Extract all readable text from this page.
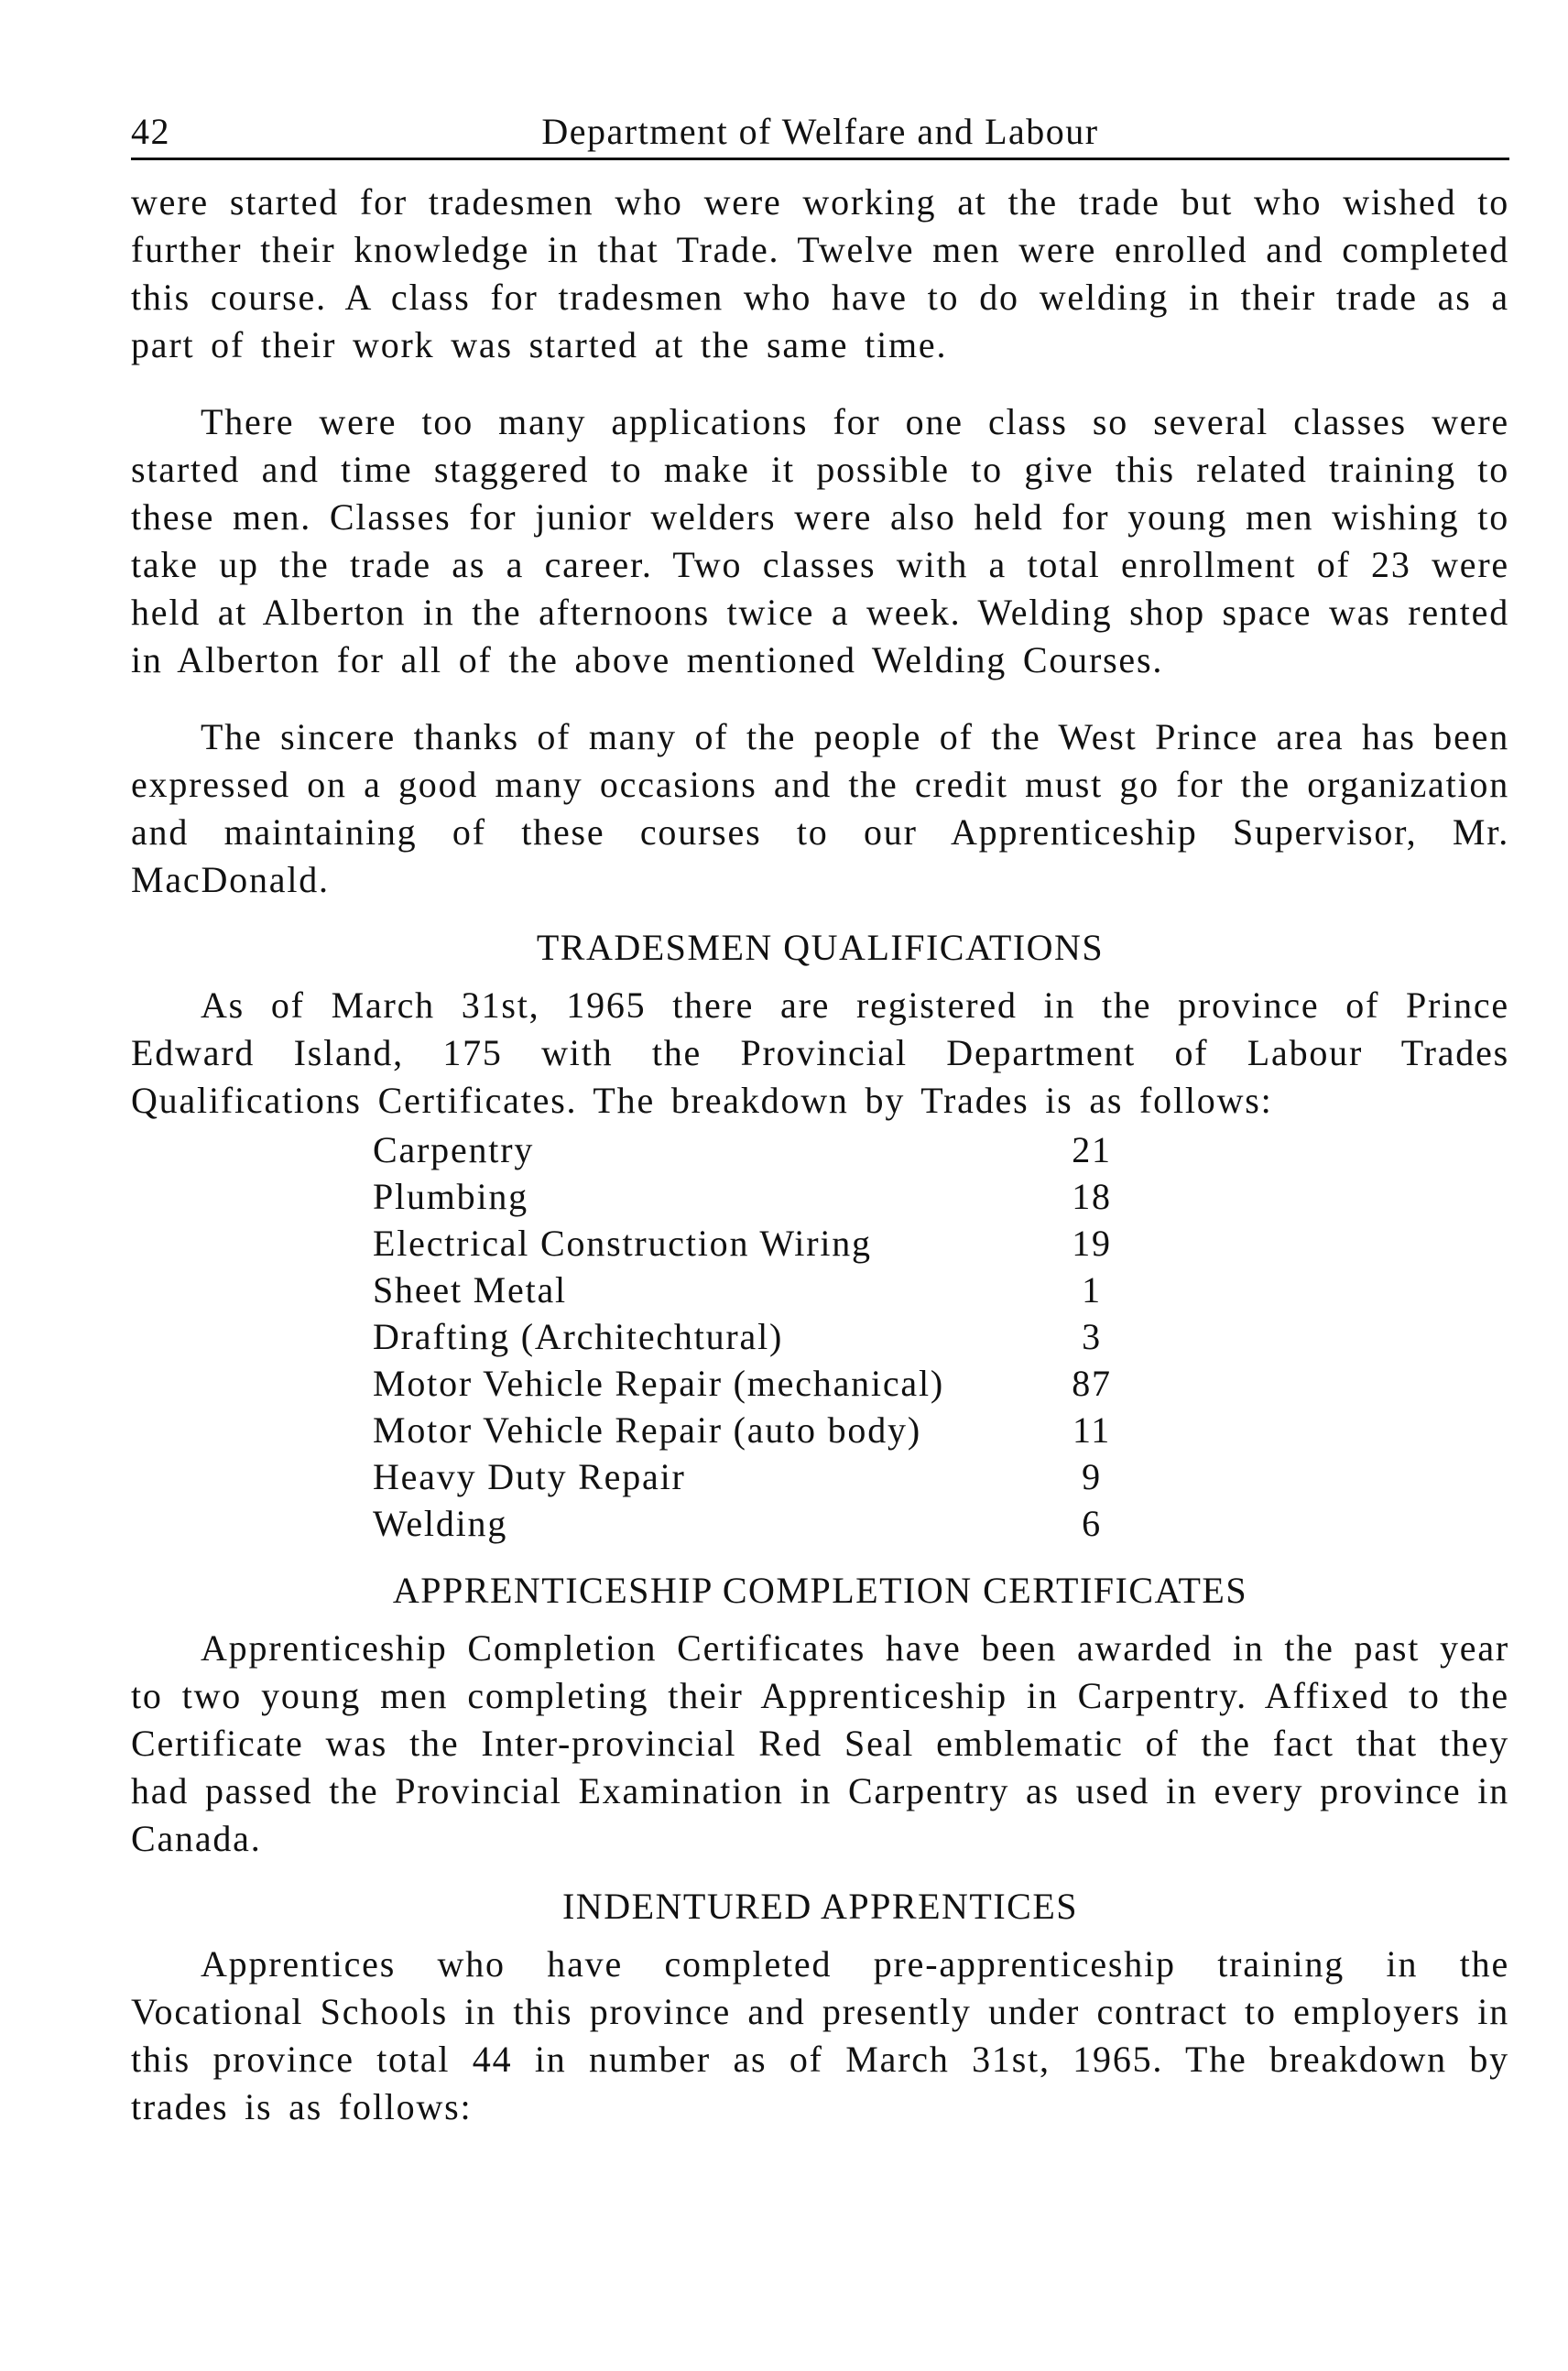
42	Department of Welfare and Labour

were started for tradesmen who were working at the trade but who wished to further their knowledge in that Trade. Twelve men were enrolled and completed this course. A class for tradesmen who have to do welding in their trade as a part of their work was started at the same time.

There were too many applications for one class so several classes were started and time staggered to make it possible to give this related training to these men. Classes for junior welders were also held for young men wishing to take up the trade as a career. Two classes with a total enrollment of 23 were held at Alberton in the afternoons twice a week. Welding shop space was rented in Alberton for all of the above mentioned Welding Courses.

The sincere thanks of many of the people of the West Prince area has been expressed on a good many occasions and the credit must go for the organization and maintaining of these courses to our Apprenticeship Supervisor, Mr. MacDonald.

TRADESMEN QUALIFICATIONS

As of March 31st, 1965 there are registered in the province of Prince Edward Island, 175 with the Provincial Department of Labour Trades Qualifications Certificates. The breakdown by Trades is as follows:

Carpentry	21
Plumbing	18
Electrical Construction Wiring	19
Sheet Metal	1
Drafting (Architechtural)	3
Motor Vehicle Repair (mechanical)	87
Motor Vehicle Repair (auto body)	11
Heavy Duty Repair	9
Welding	6
APPRENTICESHIP COMPLETION CERTIFICATES

Apprenticeship Completion Certificates have been awarded in the past year to two young men completing their Apprenticeship in Carpentry. Affixed to the Certificate was the Inter-provincial Red Seal emblematic of the fact that they had passed the Provincial Examination in Carpentry as used in every province in Canada.

INDENTURED APPRENTICES

Apprentices who have completed pre-apprenticeship training in the Vocational Schools in this province and presently under contract to employers in this province total 44 in number as of March 31st, 1965. The breakdown by trades is as follows:
